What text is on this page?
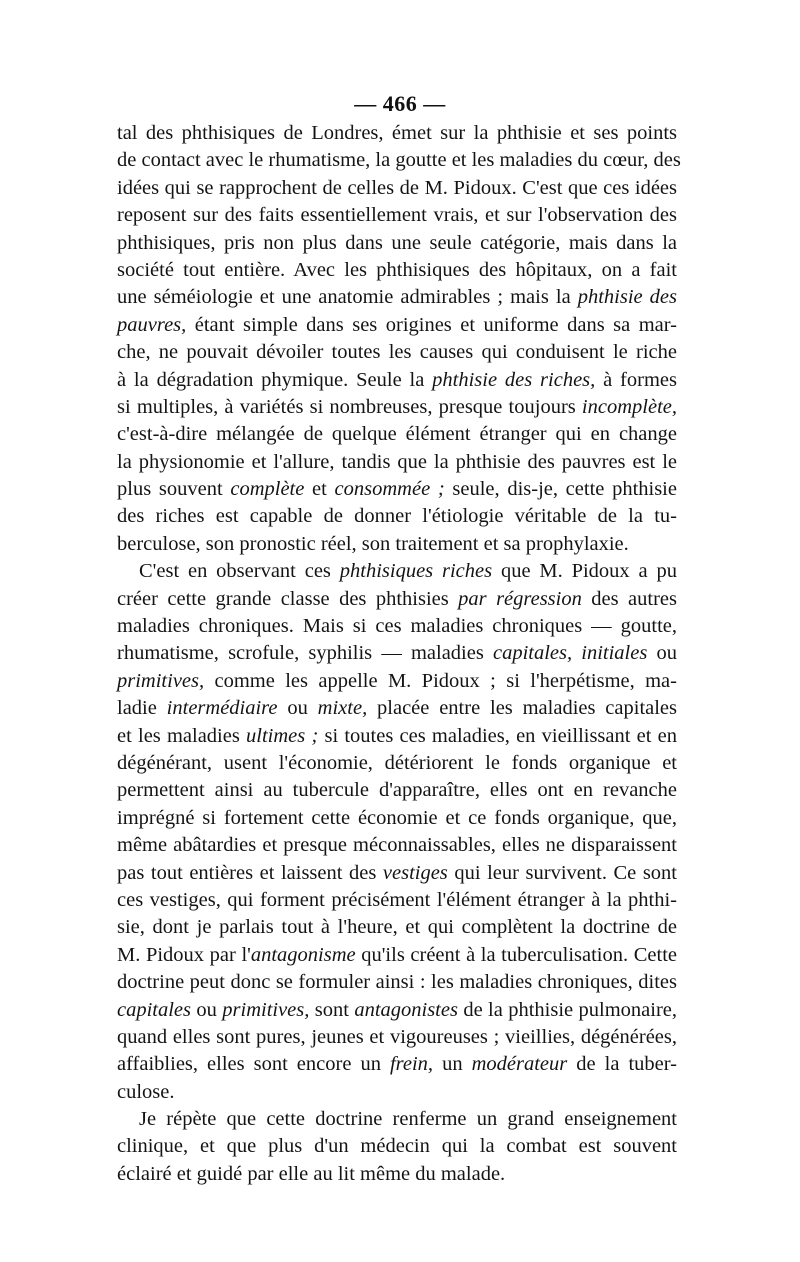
— 466 —
tal des phthisiques de Londres, émet sur la phthisie et ses points
de contact avec le rhumatisme, la goutte et les maladies du cœur, des
idées qui se rapprochent de celles de M. Pidoux. C'est que ces idées
reposent sur des faits essentiellement vrais, et sur l'observation des
phthisiques, pris non plus dans une seule catégorie, mais dans la
société tout entière. Avec les phthisiques des hôpitaux, on a fait
une séméiologie et une anatomie admirables ; mais la phthisie des
pauvres, étant simple dans ses origines et uniforme dans sa mar-
che, ne pouvait dévoiler toutes les causes qui conduisent le riche
à la dégradation phymique. Seule la phthisie des riches, à formes
si multiples, à variétés si nombreuses, presque toujours incomplète,
c'est-à-dire mélangée de quelque élément étranger qui en change
la physionomie et l'allure, tandis que la phthisie des pauvres est le
plus souvent complète et consommée ; seule, dis-je, cette phthisie
des riches est capable de donner l'étiologie véritable de la tu-
berculose, son pronostic réel, son traitement et sa prophylaxie.
C'est en observant ces phthisiques riches que M. Pidoux a pu
créer cette grande classe des phthisies par régression des autres
maladies chroniques. Mais si ces maladies chroniques — goutte,
rhumatisme, scrofule, syphilis — maladies capitales, initiales ou
primitives, comme les appelle M. Pidoux ; si l'herpétisme, ma-
ladie intermédiaire ou mixte, placée entre les maladies capitales
et les maladies ultimes ; si toutes ces maladies, en vieillissant et en
dégénérant, usent l'économie, détériorent le fonds organique et
permettent ainsi au tubercule d'apparaître, elles ont en revanche
imprégné si fortement cette économie et ce fonds organique, que,
même abâtardies et presque méconnaissables, elles ne disparaissent
pas tout entières et laissent des vestiges qui leur survivent. Ce sont
ces vestiges, qui forment précisément l'élément étranger à la phthi-
sie, dont je parlais tout à l'heure, et qui complètent la doctrine de
M. Pidoux par l'antagonisme qu'ils créent à la tuberculisation. Cette
doctrine peut donc se formuler ainsi : les maladies chroniques, dites
capitales ou primitives, sont antagonistes de la phthisie pulmonaire,
quand elles sont pures, jeunes et vigoureuses ; vieillies, dégénérées,
affaiblies, elles sont encore un frein, un modérateur de la tuber-
culose.
Je répète que cette doctrine renferme un grand enseignement
clinique, et que plus d'un médecin qui la combat est souvent
éclairé et guidé par elle au lit même du malade.
